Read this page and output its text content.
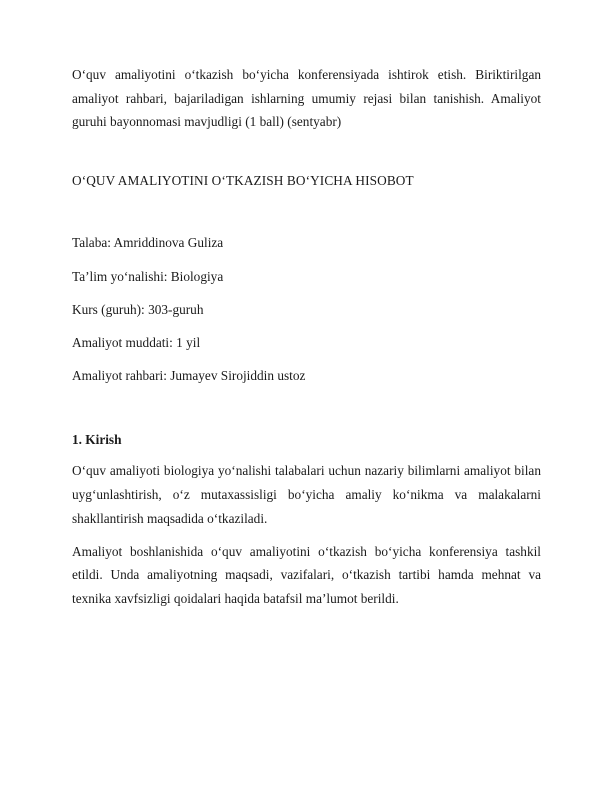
O‘quv amaliyotini o‘tkazish bo‘yicha konferensiyada ishtirok etish. Biriktirilgan amaliyot rahbari, bajariladigan ishlarning umumiy rejasi bilan tanishish. Amaliyot guruhi bayonnomasi mavjudligi (1 ball) (sentyabr)

O‘QUV AMALIYOTINI O‘TKAZISH BO‘YICHA HISOBOT

Talaba: Amriddinova Guliza

Ta’lim yo‘nalishi: Biologiya

Kurs (guruh): 303-guruh

Amaliyot muddati: 1 yil

Amaliyot rahbari: Jumayev Sirojiddin ustoz

1. Kirish

O‘quv amaliyoti biologiya yo‘nalishi talabalari uchun nazariy bilimlarni amaliyot bilan uyg‘unlashtirish, o‘z mutaxassisligi bo‘yicha amaliy ko‘nikma va malakalarni shakllantirish maqsadida o‘tkaziladi.

Amaliyot boshlanishida o‘quv amaliyotini o‘tkazish bo‘yicha konferensiya tashkil etildi. Unda amaliyotning maqsadi, vazifalari, o‘tkazish tartibi hamda mehnat va texnika xavfsizligi qoidalari haqida batafsil ma’lumot berildi.
